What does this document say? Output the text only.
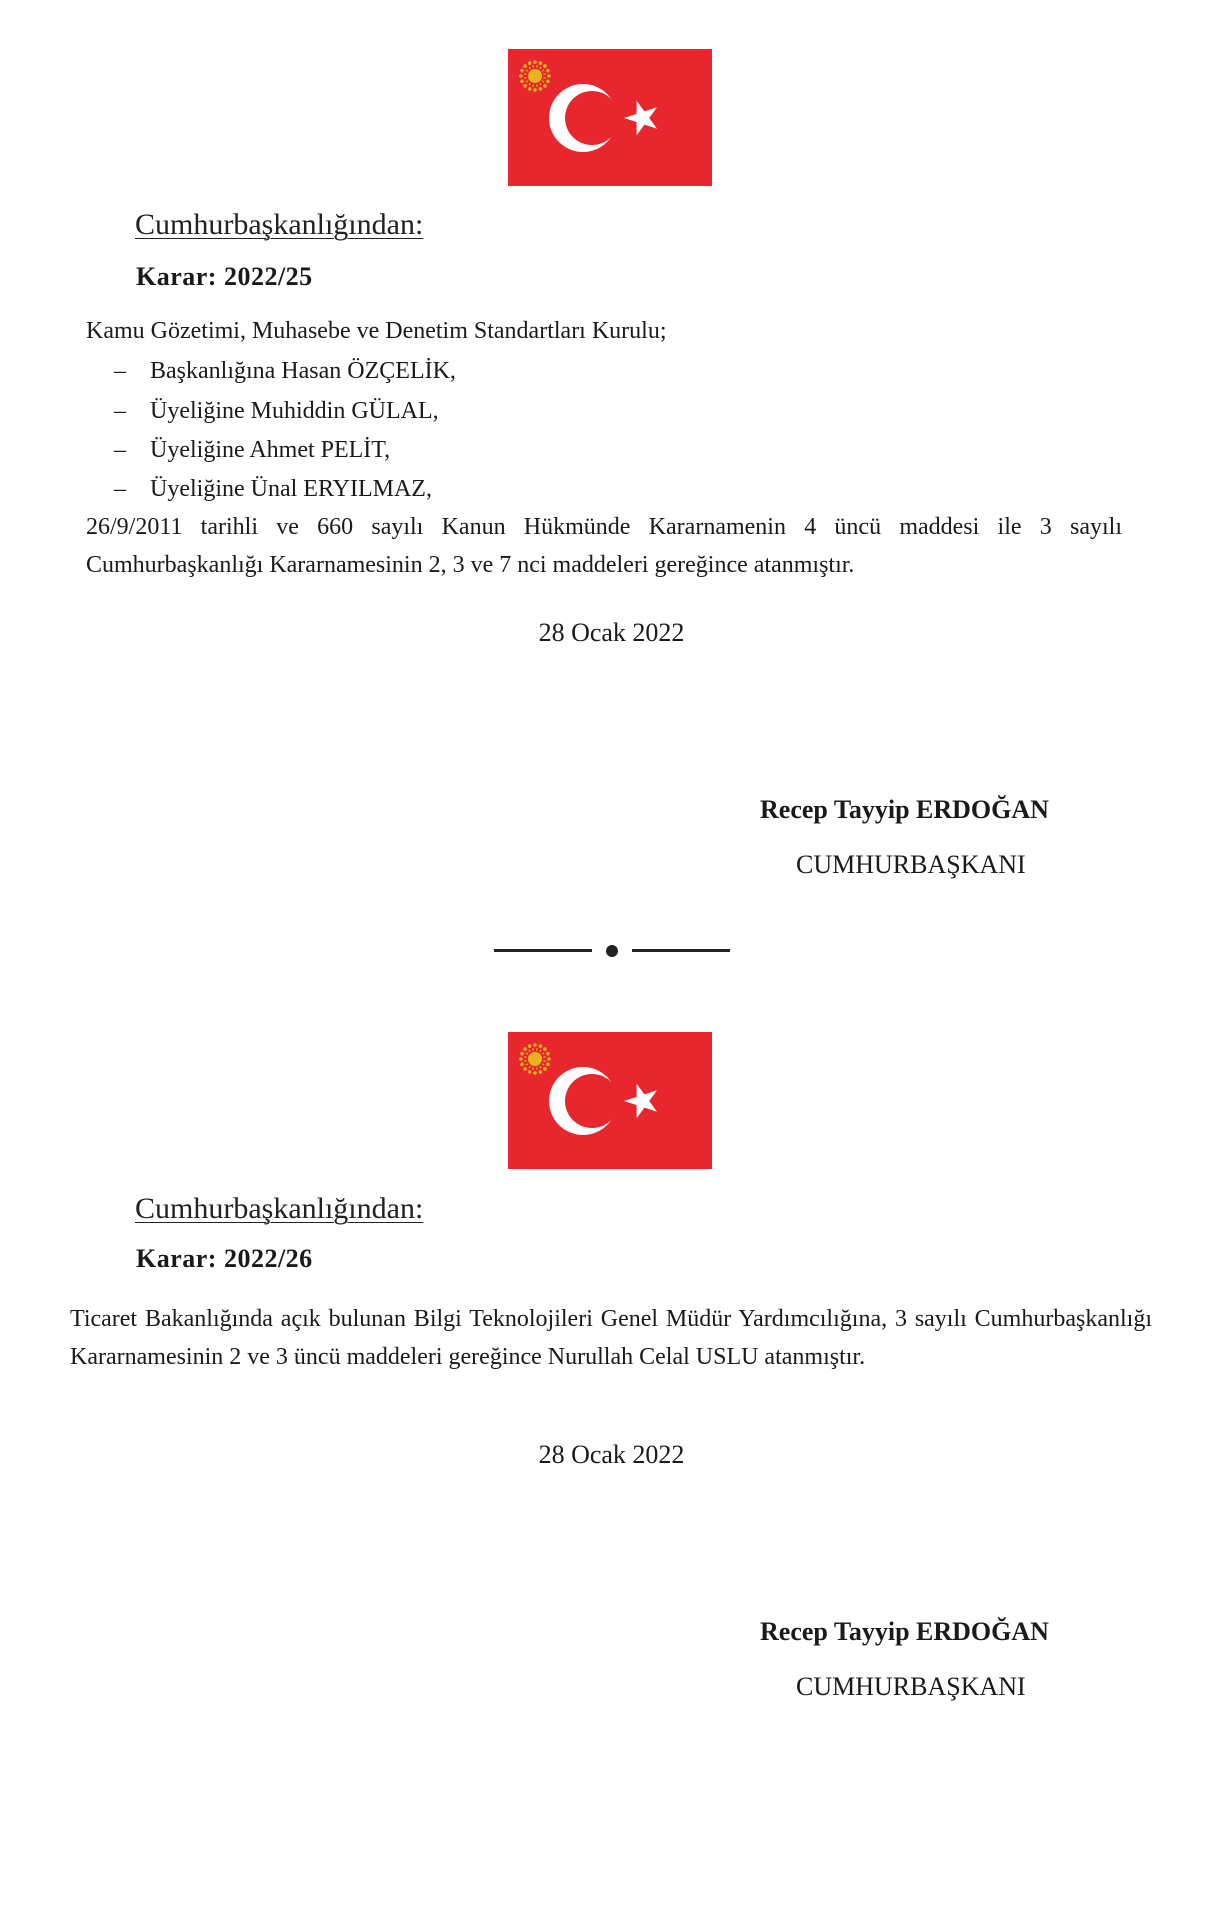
Cumhurbaşkanlığından:
Karar: 2022/25
Kamu Gözetimi, Muhasebe ve Denetim Standartları Kurulu;
– Başkanlığına Hasan ÖZÇELİK,
– Üyeliğine Muhiddin GÜLAL,
– Üyeliğine Ahmet PELİT,
– Üyeliğine Ünal ERYILMAZ,
26/9/2011 tarihli ve 660 sayılı Kanun Hükmünde Kararnamenin 4 üncü maddesi ile 3 sayılı Cumhurbaşkanlığı Kararnamesinin 2, 3 ve 7 nci maddeleri gereğince atanmıştır.
28 Ocak 2022
Recep Tayyip ERDOĞAN
CUMHURBAŞKANI
Cumhurbaşkanlığından:
Karar: 2022/26
Ticaret Bakanlığında açık bulunan Bilgi Teknolojileri Genel Müdür Yardımcılığına, 3 sayılı Cumhurbaşkanlığı Kararnamesinin 2 ve 3 üncü maddeleri gereğince Nurullah Celal USLU atanmıştır.
28 Ocak 2022
Recep Tayyip ERDOĞAN
CUMHURBAŞKANI
